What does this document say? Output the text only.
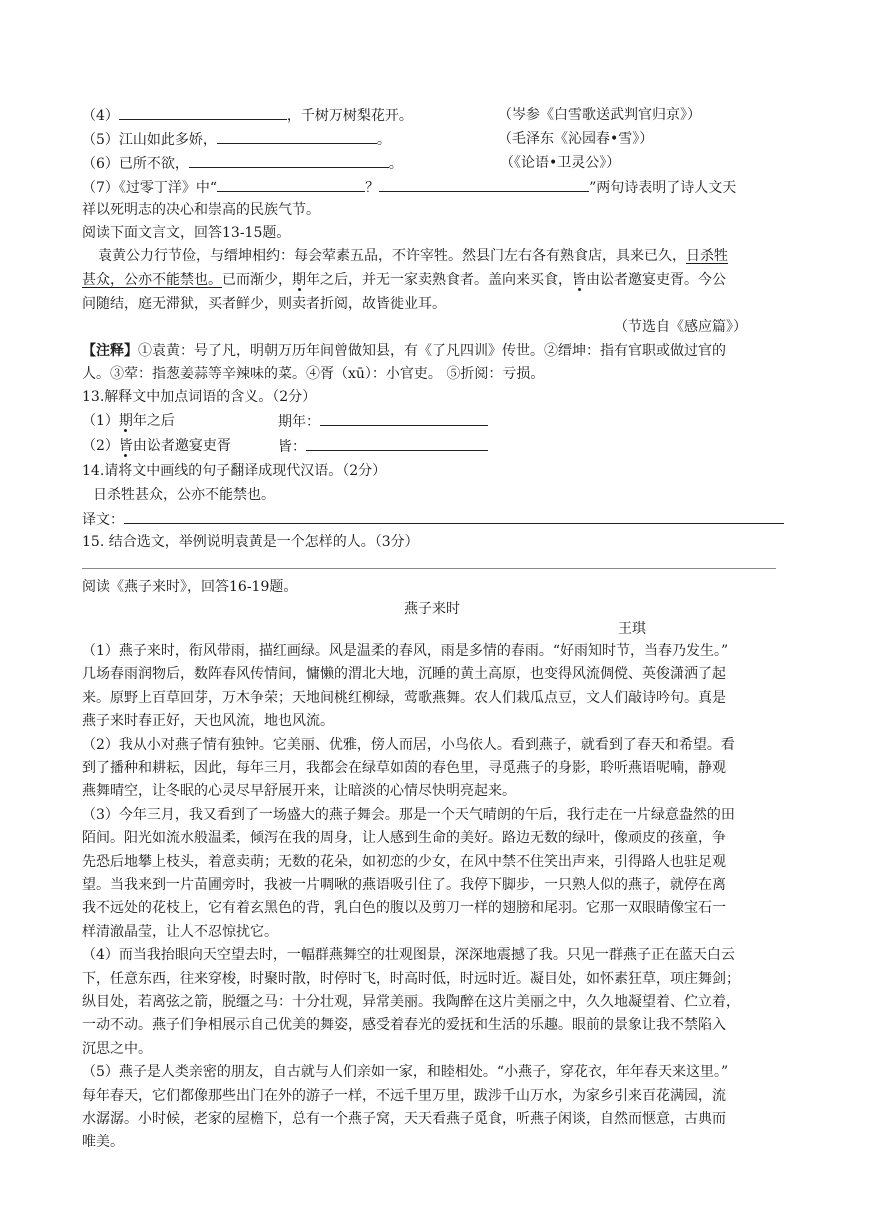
（4）	，千树万树梨花开。	（岑参《白雪歌送武判官归京》）
（5）江山如此多娇，	。	（毛泽东《沁园春•雪》）
（6）已所不欲，	。	（《论语•卫灵公》）
（7）《过零丁洋》中“	？	”两句诗表明了诗人文天
祥以死明志的决心和崇高的民族气节。
阅读下面文言文，回答13-15题。
袁黄公力行节俭，与缙坤相约：每会荤素五品，不许宰牲。然县门左右各有熟食店，具来已久，日杀牲
甚众，公亦不能禁也。已而渐少，期年之后，并无一家卖熟食者。盖向来买食，皆由讼者邀宴吏胥。今公
问随结，庭无滞狱，买者鲜少，则卖者折阅，故皆徙业耳。
（节选自《感应篇》）
【注释】①袁黄：号了凡，明朝万历年间曾做知县，有《了凡四训》传世。②缙坤：指有官职或做过官的
人。③荤：指葱姜蒜等辛辣味的菜。④胥（xū）：小官吏。 ⑤折阅：亏损。
13.解释文中加点词语的含义。（2分）
（1）期年之后	期年：
（2）皆由讼者邀宴吏胥	皆：
14.请将文中画线的句子翻译成现代汉语。（2分）
日杀牲甚众，公亦不能禁也。
译文：
15. 结合选文，举例说明袁黄是一个怎样的人。（3分）
阅读《燕子来时》，回答16-19题。
燕子来时
王琪
（1）燕子来时，衔风带雨，描红画绿。风是温柔的春风，雨是多情的春雨。“好雨知时节，当春乃发生。”
几场春雨润物后，数阵春风传情间，慵懒的渭北大地，沉睡的黄土高原，也变得风流倜傥、英俊潇洒了起
来。原野上百草回芽，万木争荣；天地间桃红柳绿，莺歌燕舞。农人们栽瓜点豆，文人们敲诗吟句。真是
燕子来时春正好，天也风流，地也风流。
（2）我从小对燕子情有独钟。它美丽、优雅，傍人而居，小鸟依人。看到燕子，就看到了春天和希望。看
到了播种和耕耘，因此，每年三月，我都会在绿草如茵的春色里，寻觅燕子的身影，聆听燕语呢喃，静观
燕舞晴空，让冬眠的心灵尽早舒展开来，让暗淡的心情尽快明亮起来。
（3）今年三月，我又看到了一场盛大的燕子舞会。那是一个天气晴朗的午后，我行走在一片绿意盎然的田
陌间。阳光如流水般温柔，倾泻在我的周身，让人感到生命的美好。路边无数的绿叶，像顽皮的孩童，争
先恐后地攀上枝头，着意卖萌；无数的花朵，如初恋的少女，在风中禁不住笑出声来，引得路人也驻足观
望。当我来到一片苗圃旁时，我被一片啁啾的燕语吸引住了。我停下脚步，一只熟人似的燕子，就停在离
我不远处的花枝上，它有着玄黑色的背，乳白色的腹以及剪刀一样的翅膀和尾羽。它那一双眼睛像宝石一
样清澈晶莹，让人不忍惊扰它。
（4）而当我抬眼向天空望去时，一幅群燕舞空的壮观图景，深深地震撼了我。只见一群燕子正在蓝天白云
下，任意东西，往来穿梭，时聚时散，时停时飞，时高时低，时远时近。凝目处，如怀素狂草，项庄舞剑；
纵目处，若离弦之箭，脱缰之马：十分壮观，异常美丽。我陶醉在这片美丽之中，久久地凝望着、伫立着，
一动不动。燕子们争相展示自己优美的舞姿，感受着春光的爱抚和生活的乐趣。眼前的景象让我不禁陷入
沉思之中。
（5）燕子是人类亲密的朋友，自古就与人们亲如一家，和睦相处。“小燕子，穿花衣，年年春天来这里。”
每年春天，它们都像那些出门在外的游子一样，不远千里万里，跋涉千山万水，为家乡引来百花满园，流
水潺潺。小时候，老家的屋檐下，总有一个燕子窝，天天看燕子觅食，听燕子闲谈，自然而惬意，古典而
唯美。
